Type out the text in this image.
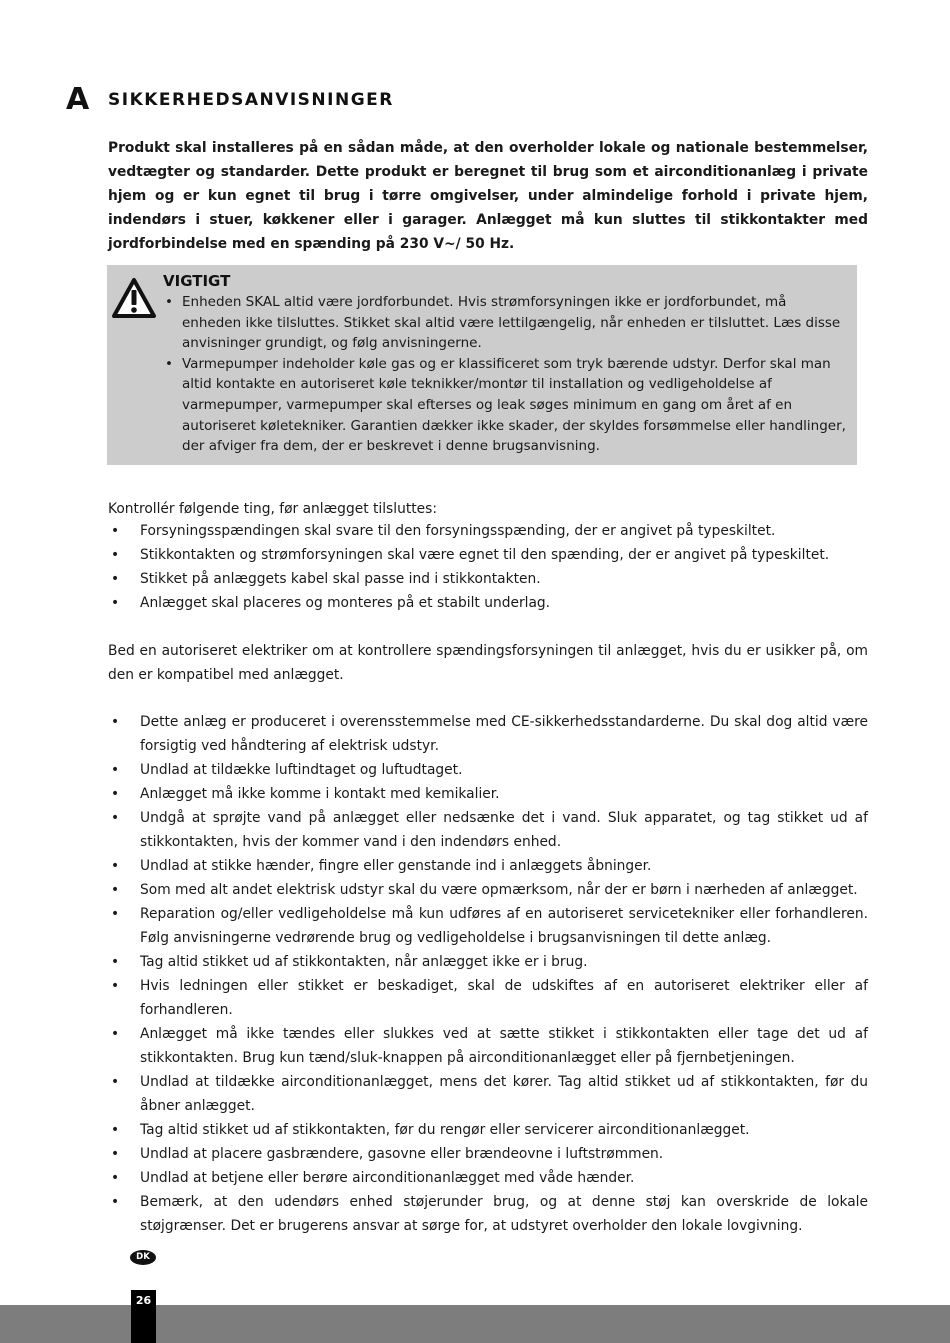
A SIKKERHEDSANVISNINGER

Produkt skal installeres på en sådan måde, at den overholder lokale og nationale bestemmelser, vedtægter og standarder. Dette produkt er beregnet til brug som et airconditionanlæg i private hjem og er kun egnet til brug i tørre omgivelser, under almindelige forhold i private hjem, indendørs i stuer, køkkener eller i garager. Anlægget må kun sluttes til stikkontakter med jordforbindelse med en spænding på 230 V~/ 50 Hz.

VIGTIGT
• Enheden SKAL altid være jordforbundet. Hvis strømforsyningen ikke er jordforbundet, må enheden ikke tilsluttes. Stikket skal altid være lettilgængelig, når enheden er tilsluttet. Læs disse anvisninger grundigt, og følg anvisningerne.
• Varmepumper indeholder køle gas og er klassificeret som tryk bærende udstyr. Derfor skal man altid kontakte en autoriseret køle teknikker/montør til installation og vedligeholdelse af varmepumper, varmepumper skal efterses og leak søges minimum en gang om året af en autoriseret køletekniker. Garantien dækker ikke skader, der skyldes forsømmelse eller handlinger, der afviger fra dem, der er beskrevet i denne brugsanvisning.

Kontrollér følgende ting, før anlægget tilsluttes:

• Forsyningsspændingen skal svare til den forsyningsspænding, der er angivet på typeskiltet.
• Stikkontakten og strømforsyningen skal være egnet til den spænding, der er angivet på typeskiltet.
• Stikket på anlæggets kabel skal passe ind i stikkontakten.
• Anlægget skal placeres og monteres på et stabilt underlag.

Bed en autoriseret elektriker om at kontrollere spændingsforsyningen til anlægget, hvis du er usikker på, om den er kompatibel med anlægget.

• Dette anlæg er produceret i overensstemmelse med CE-sikkerhedsstandarderne. Du skal dog altid være forsigtig ved håndtering af elektrisk udstyr.
• Undlad at tildække luftindtaget og luftudtaget.
• Anlægget må ikke komme i kontakt med kemikalier.
• Undgå at sprøjte vand på anlægget eller nedsænke det i vand. Sluk apparatet, og tag stikket ud af stikkontakten, hvis der kommer vand i den indendørs enhed.
• Undlad at stikke hænder, fingre eller genstande ind i anlæggets åbninger.
• Som med alt andet elektrisk udstyr skal du være opmærksom, når der er børn i nærheden af anlægget.
• Reparation og/eller vedligeholdelse må kun udføres af en autoriseret servicetekniker eller forhandleren. Følg anvisningerne vedrørende brug og vedligeholdelse i brugsanvisningen til dette anlæg.
• Tag altid stikket ud af stikkontakten, når anlægget ikke er i brug.
• Hvis ledningen eller stikket er beskadiget, skal de udskiftes af en autoriseret elektriker eller af forhandleren.
• Anlægget må ikke tændes eller slukkes ved at sætte stikket i stikkontakten eller tage det ud af stikkontakten. Brug kun tænd/sluk-knappen på airconditionanlægget eller på fjernbetjeningen.
• Undlad at tildække airconditionanlægget, mens det kører. Tag altid stikket ud af stikkontakten, før du åbner anlægget.
• Tag altid stikket ud af stikkontakten, før du rengør eller servicerer airconditionanlægget.
• Undlad at placere gasbrændere, gasovne eller brændeovne i luftstrømmen.
• Undlad at betjene eller berøre airconditionanlægget med våde hænder.
• Bemærk, at den udendørs enhed støjerunder brug, og at denne støj kan overskride de lokale støjgrænser. Det er brugerens ansvar at sørge for, at udstyret overholder den lokale lovgivning.
DK
26
